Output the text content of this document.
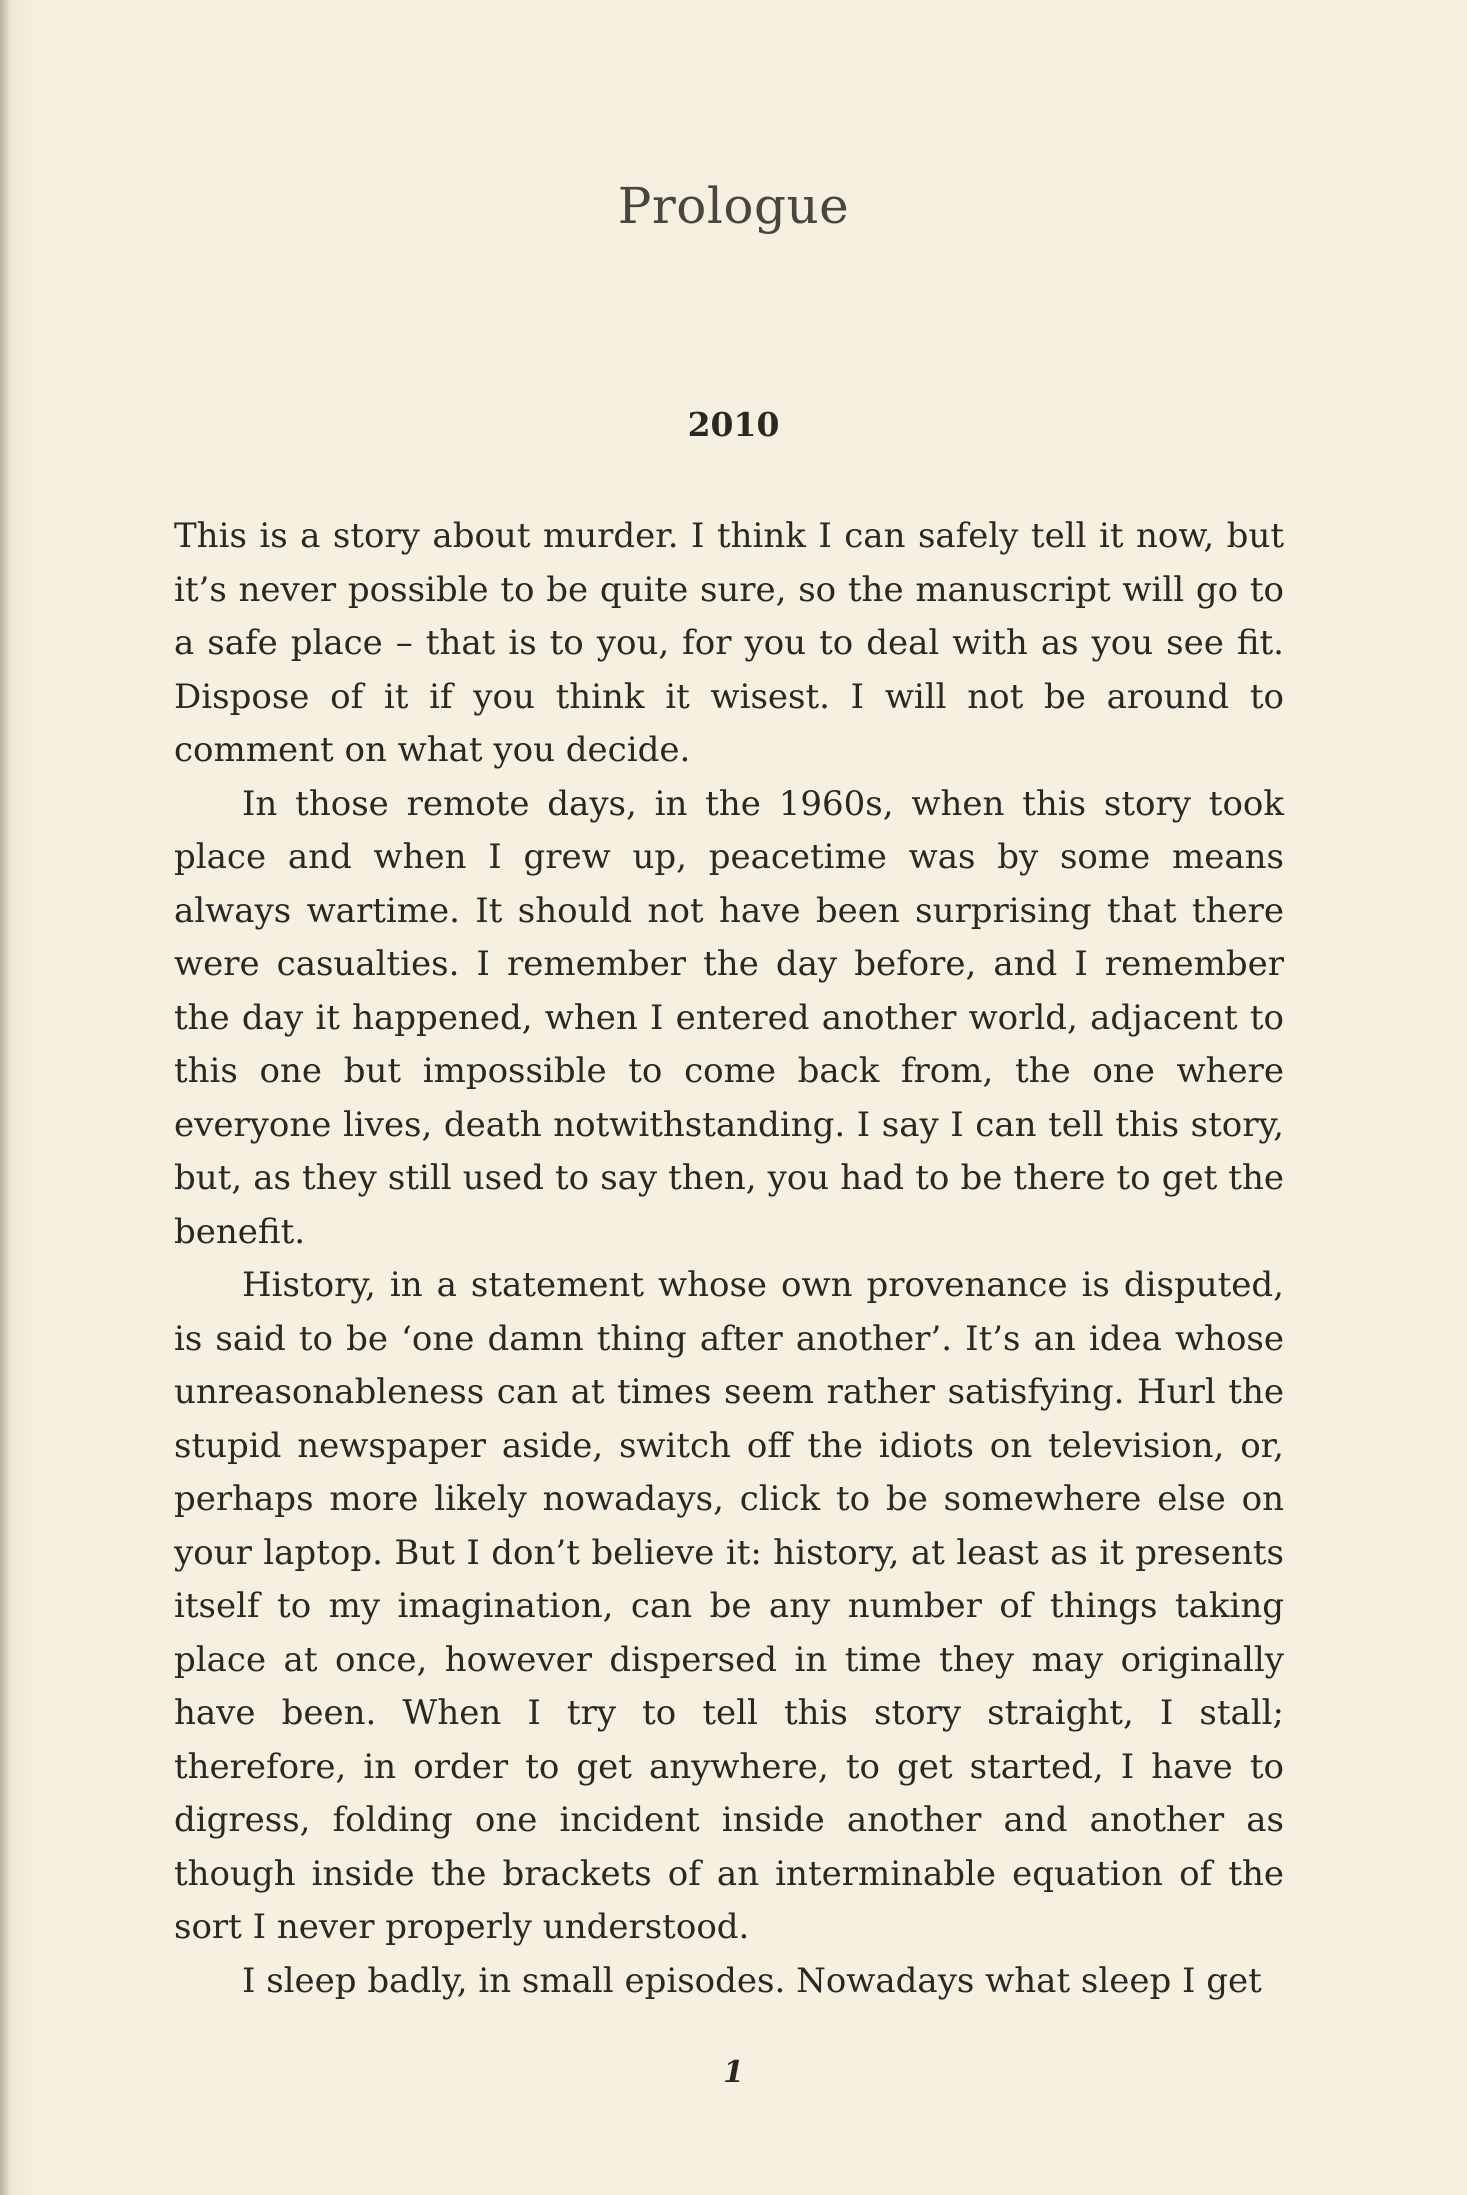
Prologue
2010

This is a story about murder. I think I can safely tell it now, but it’s never possible to be quite sure, so the manuscript will go to a safe place – that is to you, for you to deal with as you see fit. Dispose of it if you think it wisest. I will not be around to comment on what you decide.

In those remote days, in the 1960s, when this story took place and when I grew up, peacetime was by some means always wartime. It should not have been surprising that there were casualties. I remember the day before, and I remember the day it happened, when I entered another world, adjacent to this one but impossible to come back from, the one where everyone lives, death notwithstanding. I say I can tell this story, but, as they still used to say then, you had to be there to get the benefit.

History, in a statement whose own provenance is disputed, is said to be ‘one damn thing after another’. It’s an idea whose unreasonableness can at times seem rather satisfying. Hurl the stupid newspaper aside, switch off the idiots on television, or, perhaps more likely nowadays, click to be somewhere else on your laptop. But I don’t believe it: history, at least as it presents itself to my imagination, can be any number of things taking place at once, however dispersed in time they may originally have been. When I try to tell this story straight, I stall; therefore, in order to get anywhere, to get started, I have to digress, folding one incident inside another and another as though inside the brackets of an interminable equation of the sort I never properly understood.

I sleep badly, in small episodes. Nowadays what sleep I get

1
